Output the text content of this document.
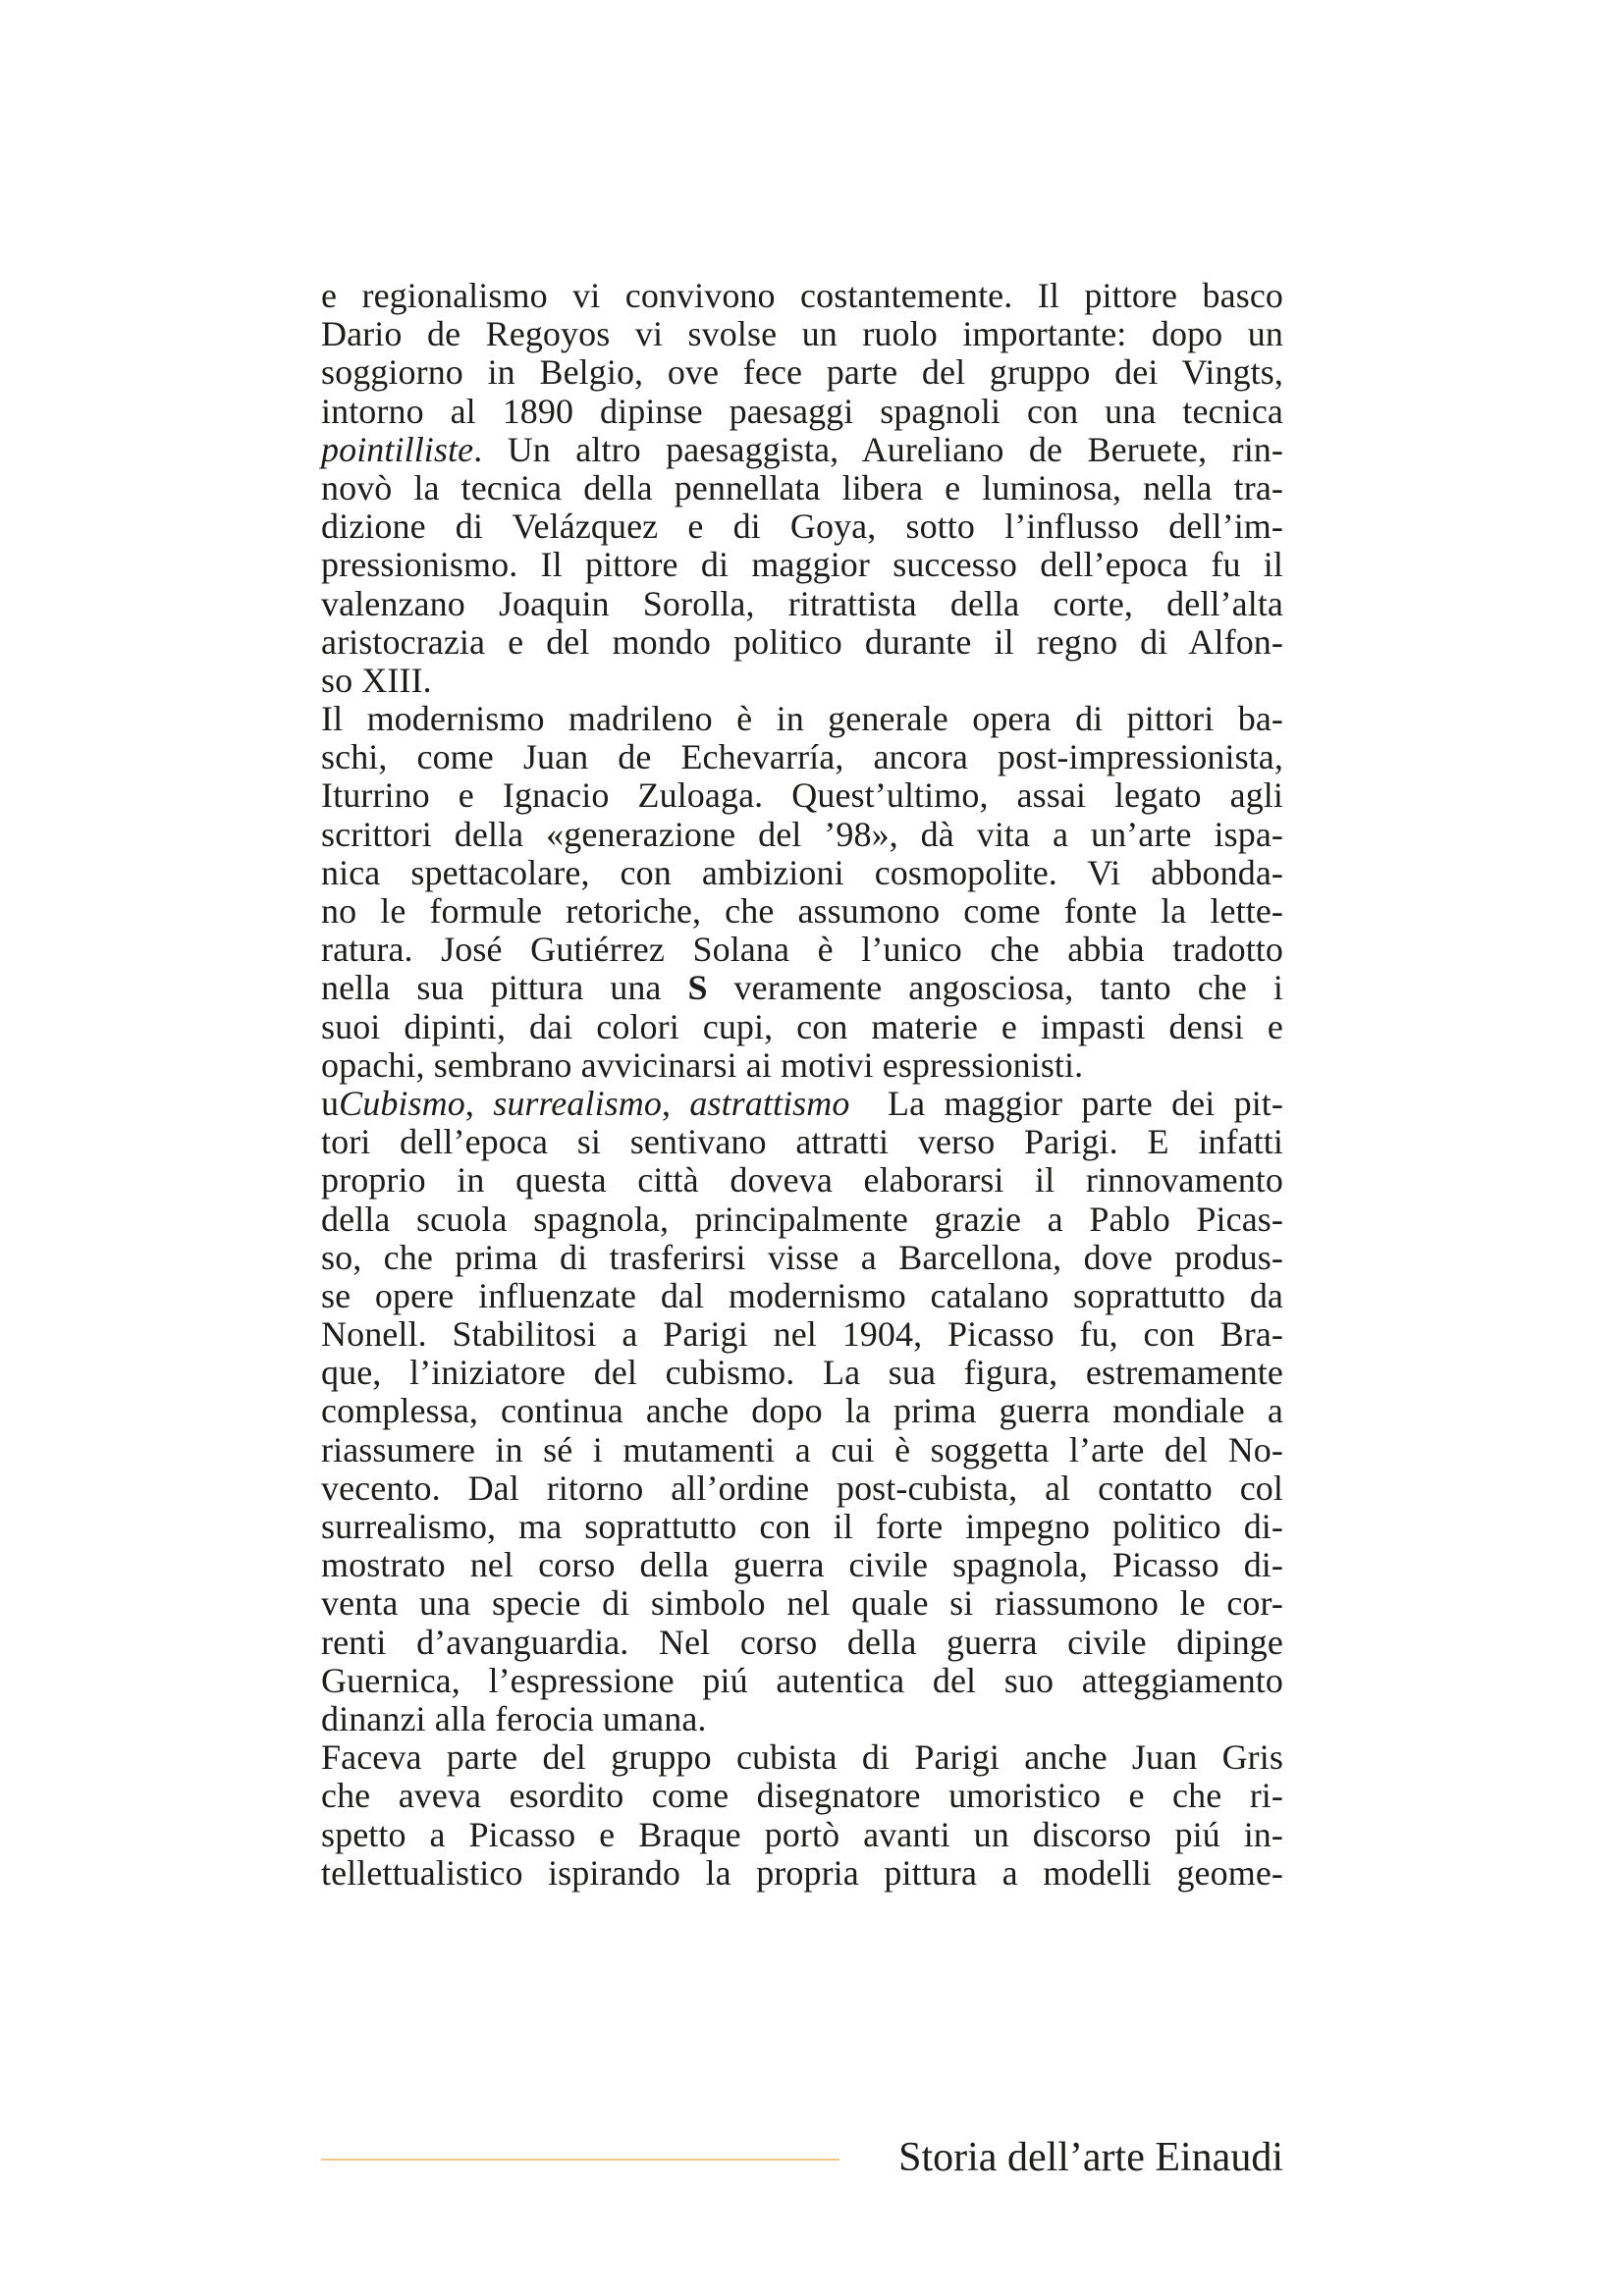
e regionalismo vi convivono costantemente. Il pittore basco
Dario de Regoyos vi svolse un ruolo importante: dopo un
soggiorno in Belgio, ove fece parte del gruppo dei Vingts,
intorno al 1890 dipinse paesaggi spagnoli con una tecnica
pointilliste. Un altro paesaggista, Aureliano de Beruete, rin-
novò la tecnica della pennellata libera e luminosa, nella tra-
dizione di Velázquez e di Goya, sotto l’influsso dell’im-
pressionismo. Il pittore di maggior successo dell’epoca fu il
valenzano Joaquin Sorolla, ritrattista della corte, dell’alta
aristocrazia e del mondo politico durante il regno di Alfon-
so XIII.
Il modernismo madrileno è in generale opera di pittori ba-
schi, come Juan de Echevarría, ancora post-impressionista,
Iturrino e Ignacio Zuloaga. Quest’ultimo, assai legato agli
scrittori della «generazione del ’98», dà vita a un’arte ispa-
nica spettacolare, con ambizioni cosmopolite. Vi abbonda-
no le formule retoriche, che assumono come fonte la lette-
ratura. José Gutiérrez Solana è l’unico che abbia tradotto
nella sua pittura una S veramente angosciosa, tanto che i
suoi dipinti, dai colori cupi, con materie e impasti densi e
opachi, sembrano avvicinarsi ai motivi espressionisti.
uCubismo, surrealismo, astrattismo  La maggior parte dei pit-
tori dell’epoca si sentivano attratti verso Parigi. E infatti
proprio in questa città doveva elaborarsi il rinnovamento
della scuola spagnola, principalmente grazie a Pablo Picas-
so, che prima di trasferirsi visse a Barcellona, dove produs-
se opere influenzate dal modernismo catalano soprattutto da
Nonell. Stabilitosi a Parigi nel 1904, Picasso fu, con Bra-
que, l’iniziatore del cubismo. La sua figura, estremamente
complessa, continua anche dopo la prima guerra mondiale a
riassumere in sé i mutamenti a cui è soggetta l’arte del No-
vecento. Dal ritorno all’ordine post-cubista, al contatto col
surrealismo, ma soprattutto con il forte impegno politico di-
mostrato nel corso della guerra civile spagnola, Picasso di-
venta una specie di simbolo nel quale si riassumono le cor-
renti d’avanguardia. Nel corso della guerra civile dipinge
Guernica, l’espressione piú autentica del suo atteggiamento
dinanzi alla ferocia umana.
Faceva parte del gruppo cubista di Parigi anche Juan Gris
che aveva esordito come disegnatore umoristico e che ri-
spetto a Picasso e Braque portò avanti un discorso piú in-
tellettualistico ispirando la propria pittura a modelli geome-
Storia dell’arte Einaudi
